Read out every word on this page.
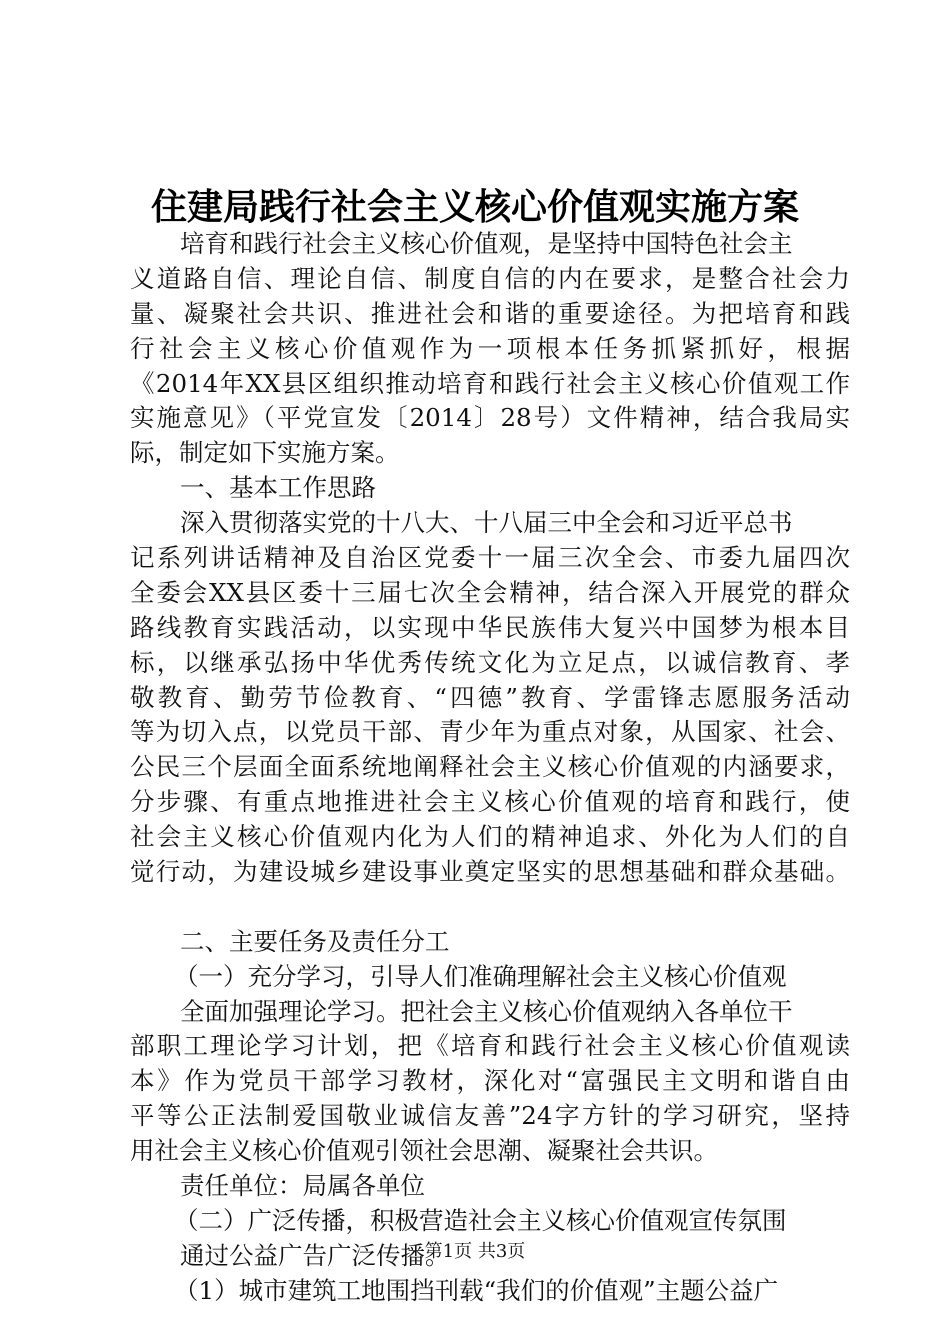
住建局践行社会主义核心价值观实施方案
培育和践行社会主义核心价值观，是坚持中国特色社会主
义道路自信、理论自信、制度自信的内在要求，是整合社会力
量、凝聚社会共识、推进社会和谐的重要途径。为把培育和践
行社会主义核心价值观作为一项根本任务抓紧抓好，根据
《2014年XX县区组织推动培育和践行社会主义核心价值观工作
实施意见》（平党宣发〔2014〕28号）文件精神，结合我局实
际，制定如下实施方案。
一、基本工作思路
深入贯彻落实党的十八大、十八届三中全会和习近平总书
记系列讲话精神及自治区党委十一届三次全会、市委九届四次
全委会XX县区委十三届七次全会精神，结合深入开展党的群众
路线教育实践活动，以实现中华民族伟大复兴中国梦为根本目
标，以继承弘扬中华优秀传统文化为立足点，以诚信教育、孝
敬教育、勤劳节俭教育、“四德”教育、学雷锋志愿服务活动
等为切入点，以党员干部、青少年为重点对象，从国家、社会、
公民三个层面全面系统地阐释社会主义核心价值观的内涵要求，
分步骤、有重点地推进社会主义核心价值观的培育和践行，使
社会主义核心价值观内化为人们的精神追求、外化为人们的自
觉行动，为建设城乡建设事业奠定坚实的思想基础和群众基础。
二、主要任务及责任分工
（一）充分学习，引导人们准确理解社会主义核心价值观
全面加强理论学习。把社会主义核心价值观纳入各单位干
部职工理论学习计划，把《培育和践行社会主义核心价值观读
本》作为党员干部学习教材，深化对“富强民主文明和谐自由
平等公正法制爱国敬业诚信友善”24字方针的学习研究，坚持
用社会主义核心价值观引领社会思潮、凝聚社会共识。
责任单位：局属各单位
（二）广泛传播，积极营造社会主义核心价值观宣传氛围
通过公益广告广泛传播。
（1）城市建筑工地围挡刊载“我们的价值观”主题公益广
第1页 共3页
